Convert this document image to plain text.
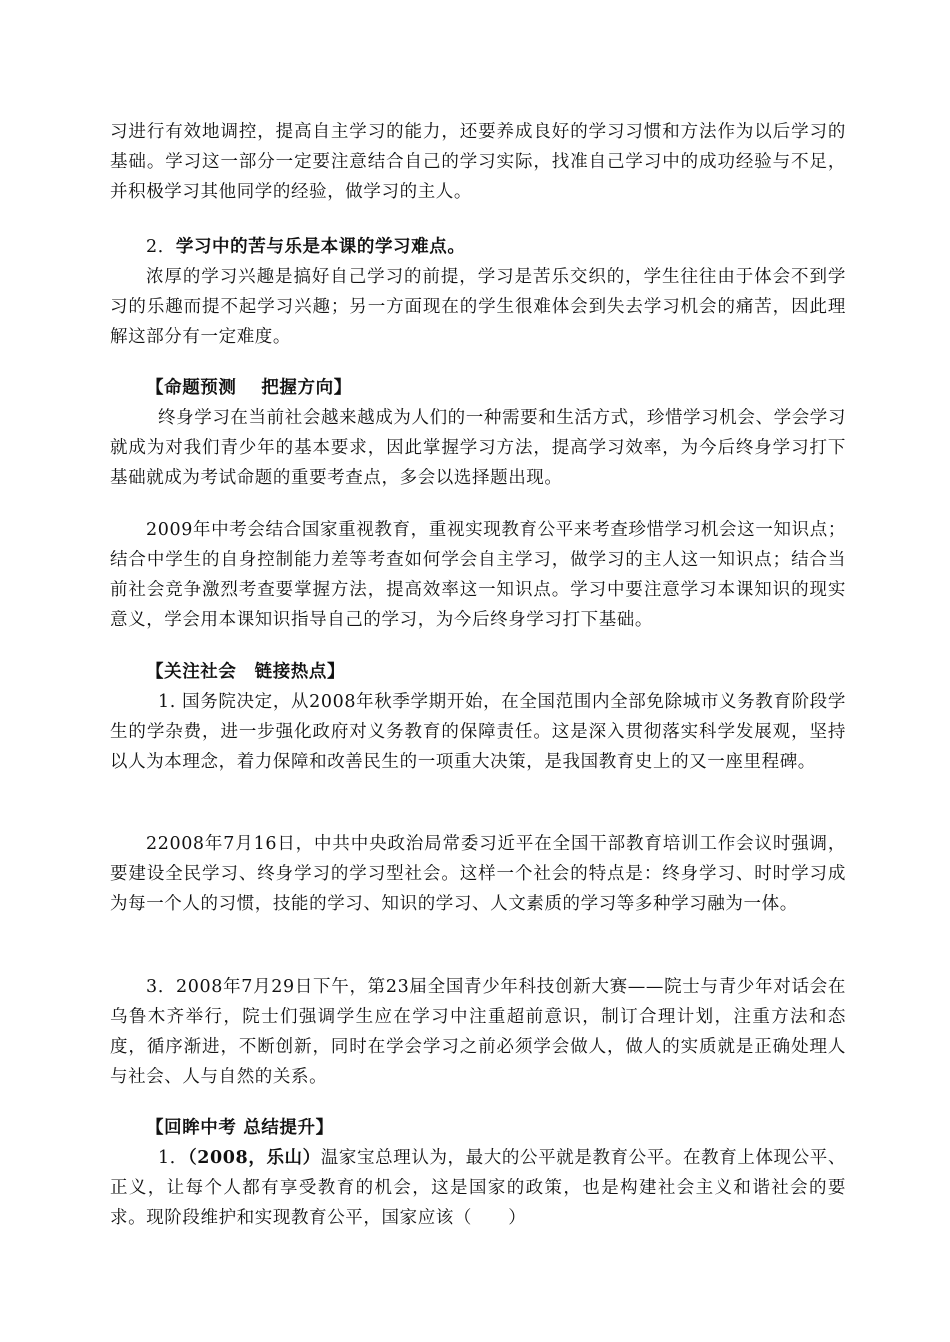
习进行有效地调控，提高自主学习的能力，还要养成良好的学习习惯和方法作为以后学习的基础。学习这一部分一定要注意结合自己的学习实际，找准自己学习中的成功经验与不足，并积极学习其他同学的经验，做学习的主人。

2．学习中的苦与乐是本课的学习难点。

浓厚的学习兴趣是搞好自己学习的前提，学习是苦乐交织的，学生往往由于体会不到学习的乐趣而提不起学习兴趣；另一方面现在的学生很难体会到失去学习机会的痛苦，因此理解这部分有一定难度。

【命题预测　 把握方向】

终身学习在当前社会越来越成为人们的一种需要和生活方式，珍惜学习机会、学会学习就成为对我们青少年的基本要求，因此掌握学习方法，提高学习效率，为今后终身学习打下基础就成为考试命题的重要考查点，多会以选择题出现。

2009年中考会结合国家重视教育，重视实现教育公平来考查珍惜学习机会这一知识点；结合中学生的自身控制能力差等考查如何学会自主学习，做学习的主人这一知识点；结合当前社会竞争激烈考查要掌握方法，提高效率这一知识点。学习中要注意学习本课知识的现实意义，学会用本课知识指导自己的学习，为今后终身学习打下基础。

【关注社会　链接热点】

1. 国务院决定，从2008年秋季学期开始，在全国范围内全部免除城市义务教育阶段学生的学杂费，进一步强化政府对义务教育的保障责任。这是深入贯彻落实科学发展观，坚持以人为本理念，着力保障和改善民生的一项重大决策，是我国教育史上的又一座里程碑。

22008年7月16日，中共中央政治局常委习近平在全国干部教育培训工作会议时强调，要建设全民学习、终身学习的学习型社会。这样一个社会的特点是：终身学习、时时学习成为每一个人的习惯，技能的学习、知识的学习、人文素质的学习等多种学习融为一体。

3．2008年7月29日下午，第23届全国青少年科技创新大赛——院士与青少年对话会在乌鲁木齐举行，院士们强调学生应在学习中注重超前意识，制订合理计划，注重方法和态度，循序渐进，不断创新，同时在学会学习之前必须学会做人，做人的实质就是正确处理人与社会、人与自然的关系。

【回眸中考 总结提升】

1．（2008，乐山）温家宝总理认为，最大的公平就是教育公平。在教育上体现公平、正义，让每个人都有享受教育的机会，这是国家的政策，也是构建社会主义和谐社会的要求。现阶段维护和实现教育公平，国家应该（　　）
